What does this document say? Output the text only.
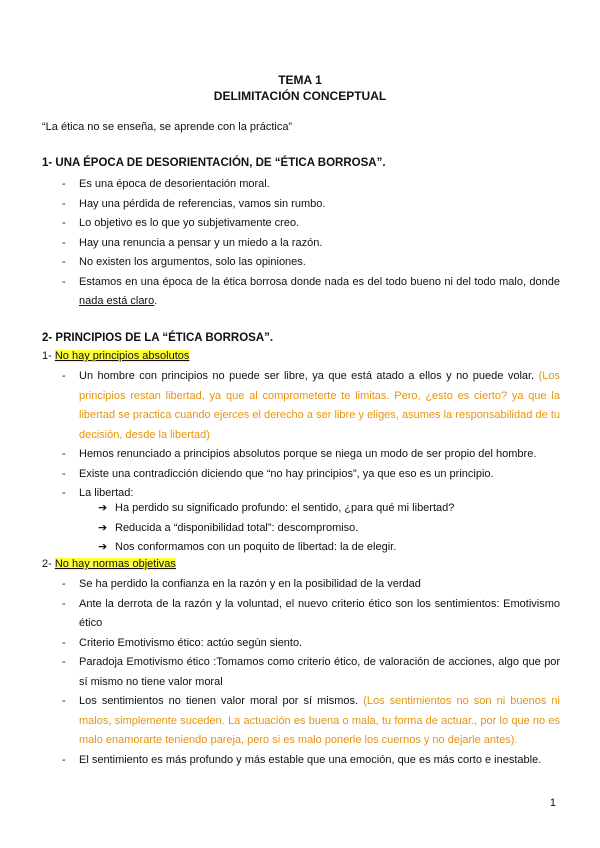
TEMA 1
DELIMITACIÓN CONCEPTUAL
“La ética no se enseña, se aprende con la práctica”
1- UNA ÉPOCA DE DESORIENTACIÓN, DE “ÉTICA BORROSA”.
- Es una época de desorientación moral.
- Hay una pérdida de referencias, vamos sin rumbo.
- Lo objetivo es lo que yo subjetivamente creo.
- Hay una renuncia a pensar y un miedo a la razón.
- No existen los argumentos, solo las opiniones.
- Estamos en una época de la ética borrosa donde nada es del todo bueno ni del todo malo, donde nada está claro.
2- PRINCIPIOS DE LA “ÉTICA BORROSA”.
1- No hay principios absolutos
- Un hombre con principios no puede ser libre, ya que está atado a ellos y no puede volar. (Los principios restan libertad, ya que al comprometerte te limitas. Pero, ¿esto es cierto? ya que la libertad se practica cuando ejerces el derecho a ser libre y eliges, asumes la responsabilidad de tu decisión, desde la libertad)
- Hemos renunciado a principios absolutos porque se niega un modo de ser propio del hombre.
- Existe una contradicción diciendo que “no hay principios”, ya que eso es un principio.
- La libertad:
➔ Ha perdido su significado profundo: el sentido, ¿para qué mi libertad?
➔ Reducida a “disponibilidad total”: descompromiso.
➔ Nos conformamos con un poquito de libertad: la de elegir.
2- No hay normas objetivas
- Se ha perdido la confianza en la razón y en la posibilidad de la verdad
- Ante la derrota de la razón y la voluntad, el nuevo criterio ético son los sentimientos: Emotivismo ético
- Criterio Emotivismo ético: actúo según siento.
- Paradoja Emotivismo ético :Tomamos como criterio ético, de valoración de acciones, algo que por sí mismo no tiene valor moral
- Los sentimientos no tienen valor moral por sí mismos. (Los sentimientos no son ni buenos ni malos, simplemente suceden. La actuación es buena o mala, tu forma de actuar., por lo que no es malo enamorarte teniendo pareja, pero si es malo ponerle los cuernos y no dejarle antes).
- El sentimiento es más profundo y más estable que una emoción, que es más corto e inestable.
1
